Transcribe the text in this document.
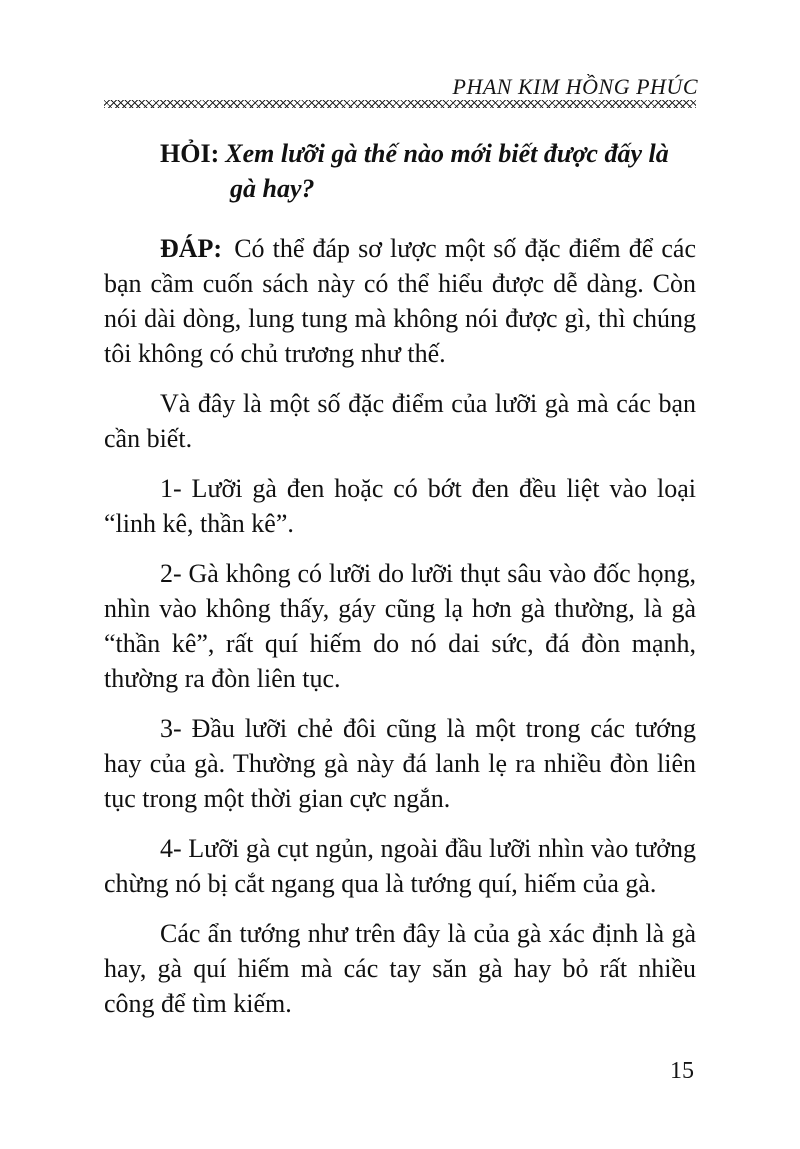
PHAN KIM HỒNG PHÚC

HỎI: Xem lưỡi gà thế nào mới biết được đấy là gà hay?

ĐÁP: Có thể đáp sơ lược một số đặc điểm để các bạn cầm cuốn sách này có thể hiểu được dễ dàng. Còn nói dài dòng, lung tung mà không nói được gì, thì chúng tôi không có chủ trương như thế.

Và đây là một số đặc điểm của lưỡi gà mà các bạn cần biết.

1- Lưỡi gà đen hoặc có bớt đen đều liệt vào loại “linh kê, thần kê”.

2- Gà không có lưỡi do lưỡi thụt sâu vào đốc họng, nhìn vào không thấy, gáy cũng lạ hơn gà thường, là gà “thần kê”, rất quí hiếm do nó dai sức, đá đòn mạnh, thường ra đòn liên tục.

3- Đầu lưỡi chẻ đôi cũng là một trong các tướng hay của gà. Thường gà này đá lanh lẹ ra nhiều đòn liên tục trong một thời gian cực ngắn.

4- Lưỡi gà cụt ngủn, ngoài đầu lưỡi nhìn vào tưởng chừng nó bị cắt ngang qua là tướng quí, hiếm của gà.

Các ẩn tướng như trên đây là của gà xác định là gà hay, gà quí hiếm mà các tay săn gà hay bỏ rất nhiều công để tìm kiếm.

15
